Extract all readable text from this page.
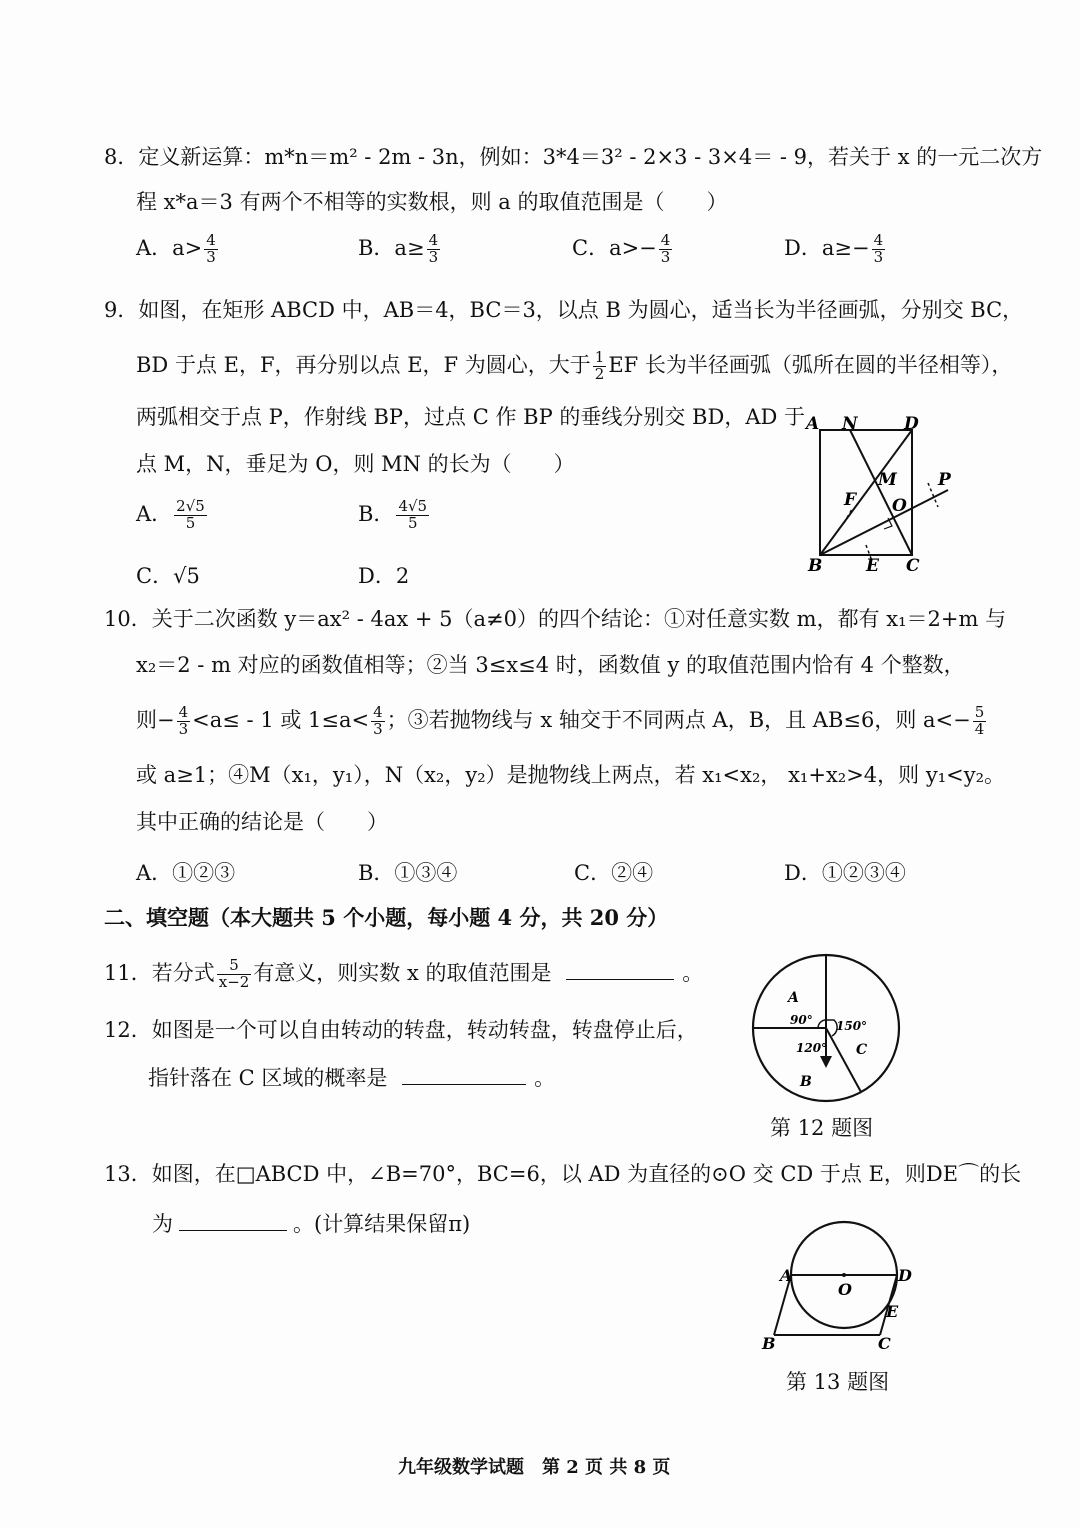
8．定义新运算：m*n＝m² - 2m - 3n，例如：3*4＝3² - 2×3 - 3×4＝ - 9，若关于 x 的一元二次方
程 x*a＝3 有两个不相等的实数根，则 a 的取值范围是（　　）
A．$a> \frac{4}{3}$	B．$a\ge \frac{4}{3}$	C．$a>- \frac{4}{3}$	D．$a\ge- \frac{4}{3}$
9．如图，在矩形 ABCD 中，AB＝4，BC＝3，以点 B 为圆心，适当长为半径画弧，分别交 BC，
BD 于点 E，F，再分别以点 E，F 为圆心，大于 $\frac{1}{2}$ EF 长为半径画弧（弧所在圆的半径相等），
两弧相交于点 P，作射线 BP，过点 C 作 BP 的垂线分别交 BD，AD 于
点 M，N，垂足为 O，则 MN 的长为（　　）
A． $\frac{2√5}{5}$	B． $\frac{4√5}{5}$
C．√5	D．2
A N	D
M
F O
P
B	E C
10．关于二次函数 y＝ax² - 4ax + 5（a≠0）的四个结论：①对任意实数 m，都有 x₁＝2+m 与
x₂＝2 - m 对应的函数值相等；②当 3≤x≤4 时，函数值 y 的取值范围内恰有 4 个整数，
则− $\frac{4}{3} <a\le - 1$ 或 $1\le a< \frac{4}{3}$ ；③若抛物线与 x 轴交于不同两点 A，B，且 AB≤6，则 $a<- \frac{5}{4}$
或 a≥1；④M（x₁，y₁），N（x₂，y₂）是抛物线上两点，若 x₁<x₂， x₁+x₂>4，则 y₁<y₂。
其中正确的结论是（　　）
A．①②③	B．①③④	C．②④	D．①②③④
二、填空题（本大题共 5 个小题，每小题 4 分，共 20 分）
11．若分式 $\frac{5}{x-2}$ 有意义，则实数 x 的取值范围是	。
12．如图是一个可以自由转动的转盘，转动转盘，转盘停止后，
指针落在 C 区域的概率是	。
A
90° 150°
120° C
B
第 12 题图
13．如图，在□ABCD 中，∠B=70°，BC=6，以 AD 为直径的⊙O 交 CD 于点 E，则DE⌒的长
为	。(计算结果保留π)
A
O
D
E
B	C
第 13 题图
九年级数学试题　第 2 页 共 8 页
